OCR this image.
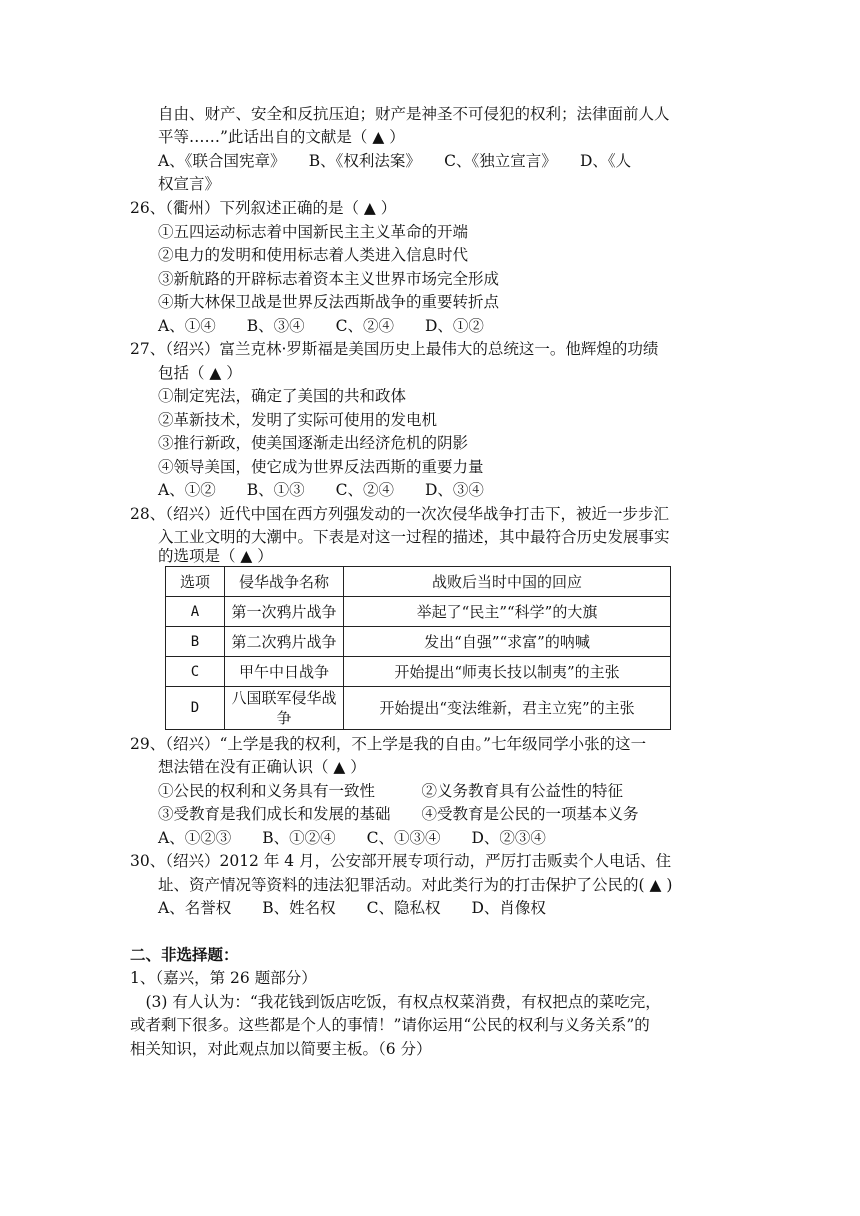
自由、财产、安全和反抗压迫；财产是神圣不可侵犯的权利；法律面前人人
平等……”此话出自的文献是（ ▲ ）
A、《联合国宪章》　　B、《权利法案》　　C、《独立宣言》　　D、《人
权宣言》
26、（衢州）下列叙述正确的是（ ▲ ）
①五四运动标志着中国新民主主义革命的开端
②电力的发明和使用标志着人类进入信息时代
③新航路的开辟标志着资本主义世界市场完全形成
④斯大林保卫战是世界反法西斯战争的重要转折点
A、①④　　B、③④　　C、②④　　D、①②
27、（绍兴）富兰克林·罗斯福是美国历史上最伟大的总统这一。他辉煌的功绩
包括（ ▲ ）
①制定宪法，确定了美国的共和政体
②革新技术，发明了实际可使用的发电机
③推行新政，使美国逐渐走出经济危机的阴影
④领导美国，使它成为世界反法西斯的重要力量
A、①②　　B、①③　　C、②④　　D、③④
28、（绍兴）近代中国在西方列强发动的一次次侵华战争打击下，被近一步步汇
入工业文明的大潮中。下表是对这一过程的描述，其中最符合历史发展事实
的选项是（ ▲ ）
选项	侵华战争名称	战败后当时中国的回应
A	第一次鸦片战争	举起了“民主”“科学”的大旗
B	第二次鸦片战争	发出“自强”“求富”的呐喊
C	甲午中日战争	开始提出“师夷长技以制夷”的主张
D	八国联军侵华战争	开始提出“变法维新，君主立宪”的主张
29、（绍兴）“上学是我的权利，不上学是我的自由。”七年级同学小张的这一
想法错在没有正确认识（ ▲ ）
①公民的权利和义务具有一致性　　　②义务教育具有公益性的特征
③受教育是我们成长和发展的基础　　④受教育是公民的一项基本义务
A、①②③　　B、①②④　　C、①③④　　D、②③④
30、（绍兴）2012 年 4 月，公安部开展专项行动，严厉打击贩卖个人电话、住
址、资产情况等资料的违法犯罪活动。对此类行为的打击保护了公民的( ▲ )
A、名誉权　　B、姓名权　　C、隐私权　　D、肖像权
二、非选择题：
1、（嘉兴，第 26 题部分）
　(3) 有人认为：“我花钱到饭店吃饭，有权点权菜消费，有权把点的菜吃完，
或者剩下很多。这些都是个人的事情！”请你运用“公民的权利与义务关系”的
相关知识，对此观点加以简要主板。（6 分）
